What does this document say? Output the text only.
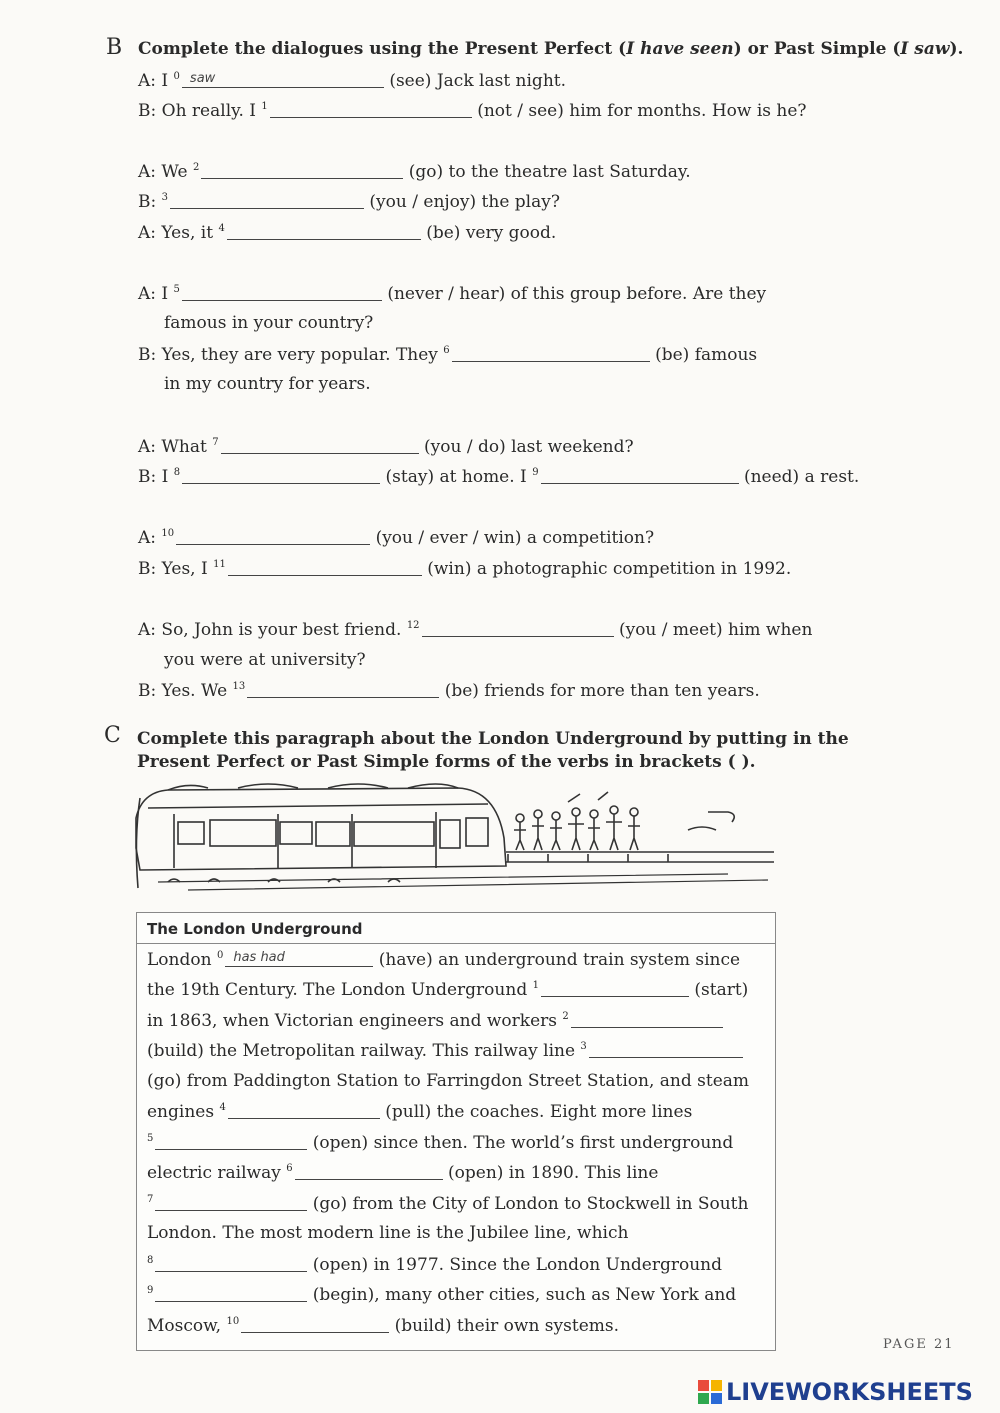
B Complete the dialogues using the Present Perfect (I have seen) or Past Simple (I saw).
A: I $^0$ saw	(see) Jack last night.
B: Oh really. I $^1$	(not / see) him for months. How is he?
A: We $^2$	(go) to the theatre last Saturday.
B: $^3$	(you / enjoy) the play?
A: Yes, it $^4$	(be) very good.
A: I $^5$	(never / hear) of this group before. Are they
famous in your country?
B: Yes, they are very popular. They $^6$	(be) famous
in my country for years.
A: What $^7$	(you / do) last weekend?
B: I $^8$	(stay) at home. I $^9$	(need) a rest.
A: $^{10}$	(you / ever / win) a competition?
B: Yes, I $^{11}$	(win) a photographic competition in 1992.
A: So, John is your best friend. $^{12}$	(you / meet) him when
you were at university?
B: Yes. We $^{13}$	(be) friends for more than ten years.
C Complete this paragraph about the London Underground by putting in the
Present Perfect or Past Simple forms of the verbs in brackets ( ).
The London Underground
London $^0$ has had	(have) an underground train system since
the 19th Century. The London Underground $^1$	(start)
in 1863, when Victorian engineers and workers $^2$
(build) the Metropolitan railway. This railway line $^3$
(go) from Paddington Station to Farringdon Street Station, and steam
engines $^4$	(pull) the coaches. Eight more lines
$^5$	(open) since then. The world’s first underground
electric railway $^6$	(open) in 1890. This line
$^7$	(go) from the City of London to Stockwell in South
London. The most modern line is the Jubilee line, which
$^8$	(open) in 1977. Since the London Underground
$^9$	(begin), many other cities, such as New York and
Moscow, $^{10}$	(build) their own systems.
PAGE 21
LIVEWORKSHEETS
